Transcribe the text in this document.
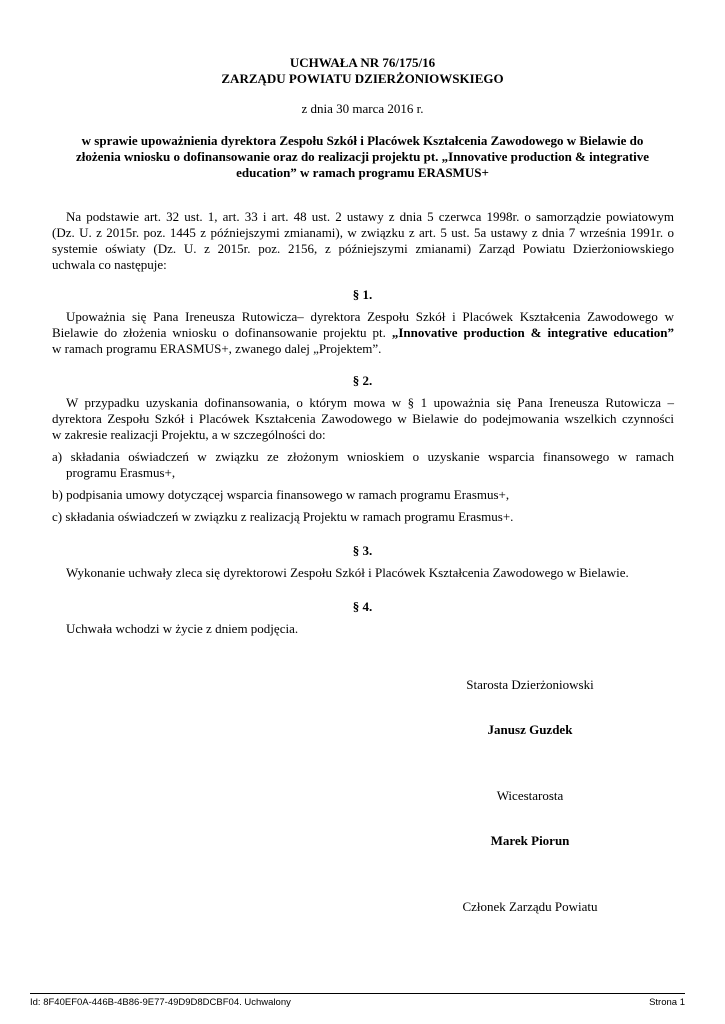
UCHWAŁA NR 76/175/16
ZARZĄDU POWIATU DZIERŻONIOWSKIEGO
z dnia 30 marca 2016 r.
w sprawie upoważnienia dyrektora Zespołu Szkół i Placówek Kształcenia Zawodowego w Bielawie do
złożenia wniosku o dofinansowanie oraz do realizacji projektu pt. „Innovative production & integrative
education” w ramach programu ERASMUS+
Na podstawie art. 32 ust. 1, art. 33 i art. 48 ust. 2 ustawy z dnia 5 czerwca 1998r. o samorządzie powiatowym
(Dz. U. z 2015r. poz. 1445 z późniejszymi zmianami), w związku z art. 5 ust. 5a ustawy z dnia 7 września 1991r. o
systemie oświaty (Dz. U. z 2015r. poz. 2156, z późniejszymi zmianami) Zarząd Powiatu Dzierżoniowskiego
uchwala co następuje:
§ 1.
Upoważnia się Pana Ireneusza Rutowicza– dyrektora Zespołu Szkół i Placówek Kształcenia Zawodowego w
Bielawie do złożenia wniosku o dofinansowanie projektu pt. „Innovative production & integrative education”
w ramach programu ERASMUS+, zwanego dalej „Projektem”.
§ 2.
W przypadku uzyskania dofinansowania, o którym mowa w § 1 upoważnia się Pana Ireneusza Rutowicza –
dyrektora Zespołu Szkół i Placówek Kształcenia Zawodowego w Bielawie do podejmowania wszelkich czynności
w zakresie realizacji Projektu, a w szczególności do:
a) składania oświadczeń w związku ze złożonym wnioskiem o uzyskanie wsparcia finansowego w ramach
programu Erasmus+,
b) podpisania umowy dotyczącej wsparcia finansowego w ramach programu Erasmus+,
c) składania oświadczeń w związku z realizacją Projektu w ramach programu Erasmus+.
§ 3.
Wykonanie uchwały zleca się dyrektorowi Zespołu Szkół i Placówek Kształcenia Zawodowego w Bielawie.
§ 4.
Uchwała wchodzi w życie z dniem podjęcia.
Starosta Dzierżoniowski
Janusz Guzdek
Wicestarosta
Marek Piorun
Członek Zarządu Powiatu
Id: 8F40EF0A-446B-4B86-9E77-49D9D8DCBF04. Uchwalony	Strona 1
